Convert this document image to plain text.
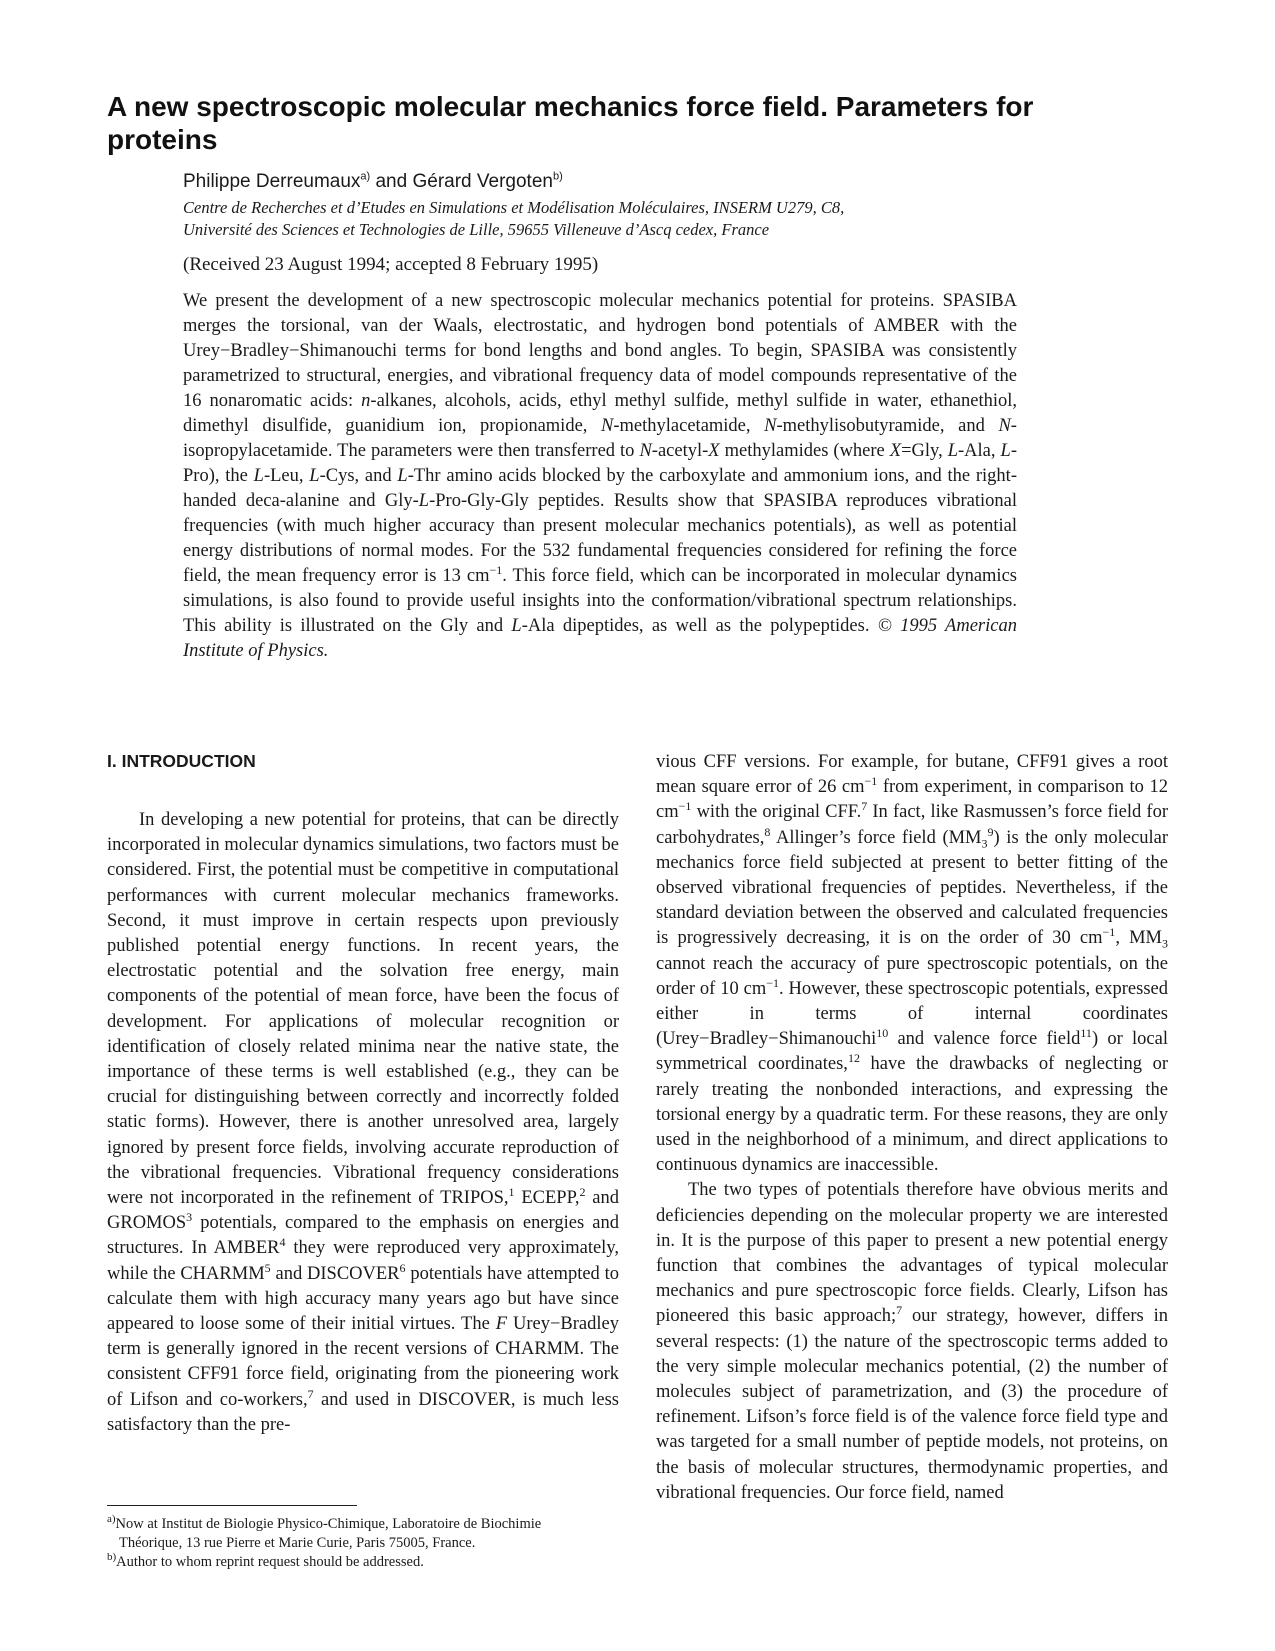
A new spectroscopic molecular mechanics force field. Parameters for proteins

Philippe Derreumaux$^{a)}$ and Gérard Vergoten$^{b)}$

Centre de Recherches et d’Etudes en Simulations et Modélisation Moléculaires, INSERM U279, C8,
Université des Sciences et Technologies de Lille, 59655 Villeneuve d’Ascq cedex, France

(Received 23 August 1994; accepted 8 February 1995)

We present the development of a new spectroscopic molecular mechanics potential for proteins. SPASIBA merges the torsional, van der Waals, electrostatic, and hydrogen bond potentials of AMBER with the Urey−Bradley−Shimanouchi terms for bond lengths and bond angles. To begin, SPASIBA was consistently parametrized to structural, energies, and vibrational frequency data of model compounds representative of the 16 nonaromatic acids: n-alkanes, alcohols, acids, ethyl methyl sulfide, methyl sulfide in water, ethanethiol, dimethyl disulfide, guanidium ion, propionamide, N-methylacetamide, N-methylisobutyramide, and N-isopropylacetamide. The parameters were then transferred to N-acetyl-X methylamides (where X=Gly, L-Ala, L-Pro), the L-Leu, L-Cys, and L-Thr amino acids blocked by the carboxylate and ammonium ions, and the right-handed deca-alanine and Gly-L-Pro-Gly-Gly peptides. Results show that SPASIBA reproduces vibrational frequencies (with much higher accuracy than present molecular mechanics potentials), as well as potential energy distributions of normal modes. For the 532 fundamental frequencies considered for refining the force field, the mean frequency error is 13 $cm^{-1}$. This force field, which can be incorporated in molecular dynamics simulations, is also found to provide useful insights into the conformation/vibrational spectrum relationships. This ability is illustrated on the Gly and L-Ala dipeptides, as well as the polypeptides. © 1995 American Institute of Physics.

I. INTRODUCTION

In developing a new potential for proteins, that can be directly incorporated in molecular dynamics simulations, two factors must be considered. First, the potential must be competitive in computational performances with current molecular mechanics frameworks. Second, it must improve in certain respects upon previously published potential energy functions. In recent years, the electrostatic potential and the solvation free energy, main components of the potential of mean force, have been the focus of development. For applications of molecular recognition or identification of closely related minima near the native state, the importance of these terms is well established (e.g., they can be crucial for distinguishing between correctly and incorrectly folded static forms). However, there is another unresolved area, largely ignored by present force fields, involving accurate reproduction of the vibrational frequencies. Vibrational frequency considerations were not incorporated in the refinement of TRIPOS,$^1$ ECEPP,$^2$ and GROMOS$^3$ potentials, compared to the emphasis on energies and structures. In AMBER$^4$ they were reproduced very approximately, while the CHARMM$^5$ and DISCOVER$^6$ potentials have attempted to calculate them with high accuracy many years ago but have since appeared to loose some of their initial virtues. The F Urey−Bradley term is generally ignored in the recent versions of CHARMM. The consistent CFF91 force field, originating from the pioneering work of Lifson and co-workers,$^7$ and used in DISCOVER, is much less satisfactory than the pre-

vious CFF versions. For example, for butane, CFF91 gives a root mean square error of 26 $cm^{-1}$ from experiment, in comparison to 12 $cm^{-1}$ with the original CFF.$^7$ In fact, like Rasmussen’s force field for carbohydrates,$^8$ Allinger’s force field $(MM_3^9)$ is the only molecular mechanics force field subjected at present to better fitting of the observed vibrational frequencies of peptides. Nevertheless, if the standard deviation between the observed and calculated frequencies is progressively decreasing, it is on the order of 30 $cm^{-1}$, $MM_3$ cannot reach the accuracy of pure spectroscopic potentials, on the order of 10 $cm^{-1}$. However, these spectroscopic potentials, expressed either in terms of internal coordinates (Urey−Bradley−Shimanouchi$^{10}$ and valence force field$^{11}$) or local symmetrical coordinates,$^{12}$ have the drawbacks of neglecting or rarely treating the nonbonded interactions, and expressing the torsional energy by a quadratic term. For these reasons, they are only used in the neighborhood of a minimum, and direct applications to continuous dynamics are inaccessible.

The two types of potentials therefore have obvious merits and deficiencies depending on the molecular property we are interested in. It is the purpose of this paper to present a new potential energy function that combines the advantages of typical molecular mechanics and pure spectroscopic force fields. Clearly, Lifson has pioneered this basic approach;$^7$ our strategy, however, differs in several respects: (1) the nature of the spectroscopic terms added to the very simple molecular mechanics potential, (2) the number of molecules subject of parametrization, and (3) the procedure of refinement. Lifson’s force field is of the valence force field type and was targeted for a small number of peptide models, not proteins, on the basis of molecular structures, thermodynamic properties, and vibrational frequencies. Our force field, named

$^{a)}$Now at Institut de Biologie Physico-Chimique, Laboratoire de Biochimie
Théorique, 13 rue Pierre et Marie Curie, Paris 75005, France.

$^{b)}$Author to whom reprint request should be addressed.
